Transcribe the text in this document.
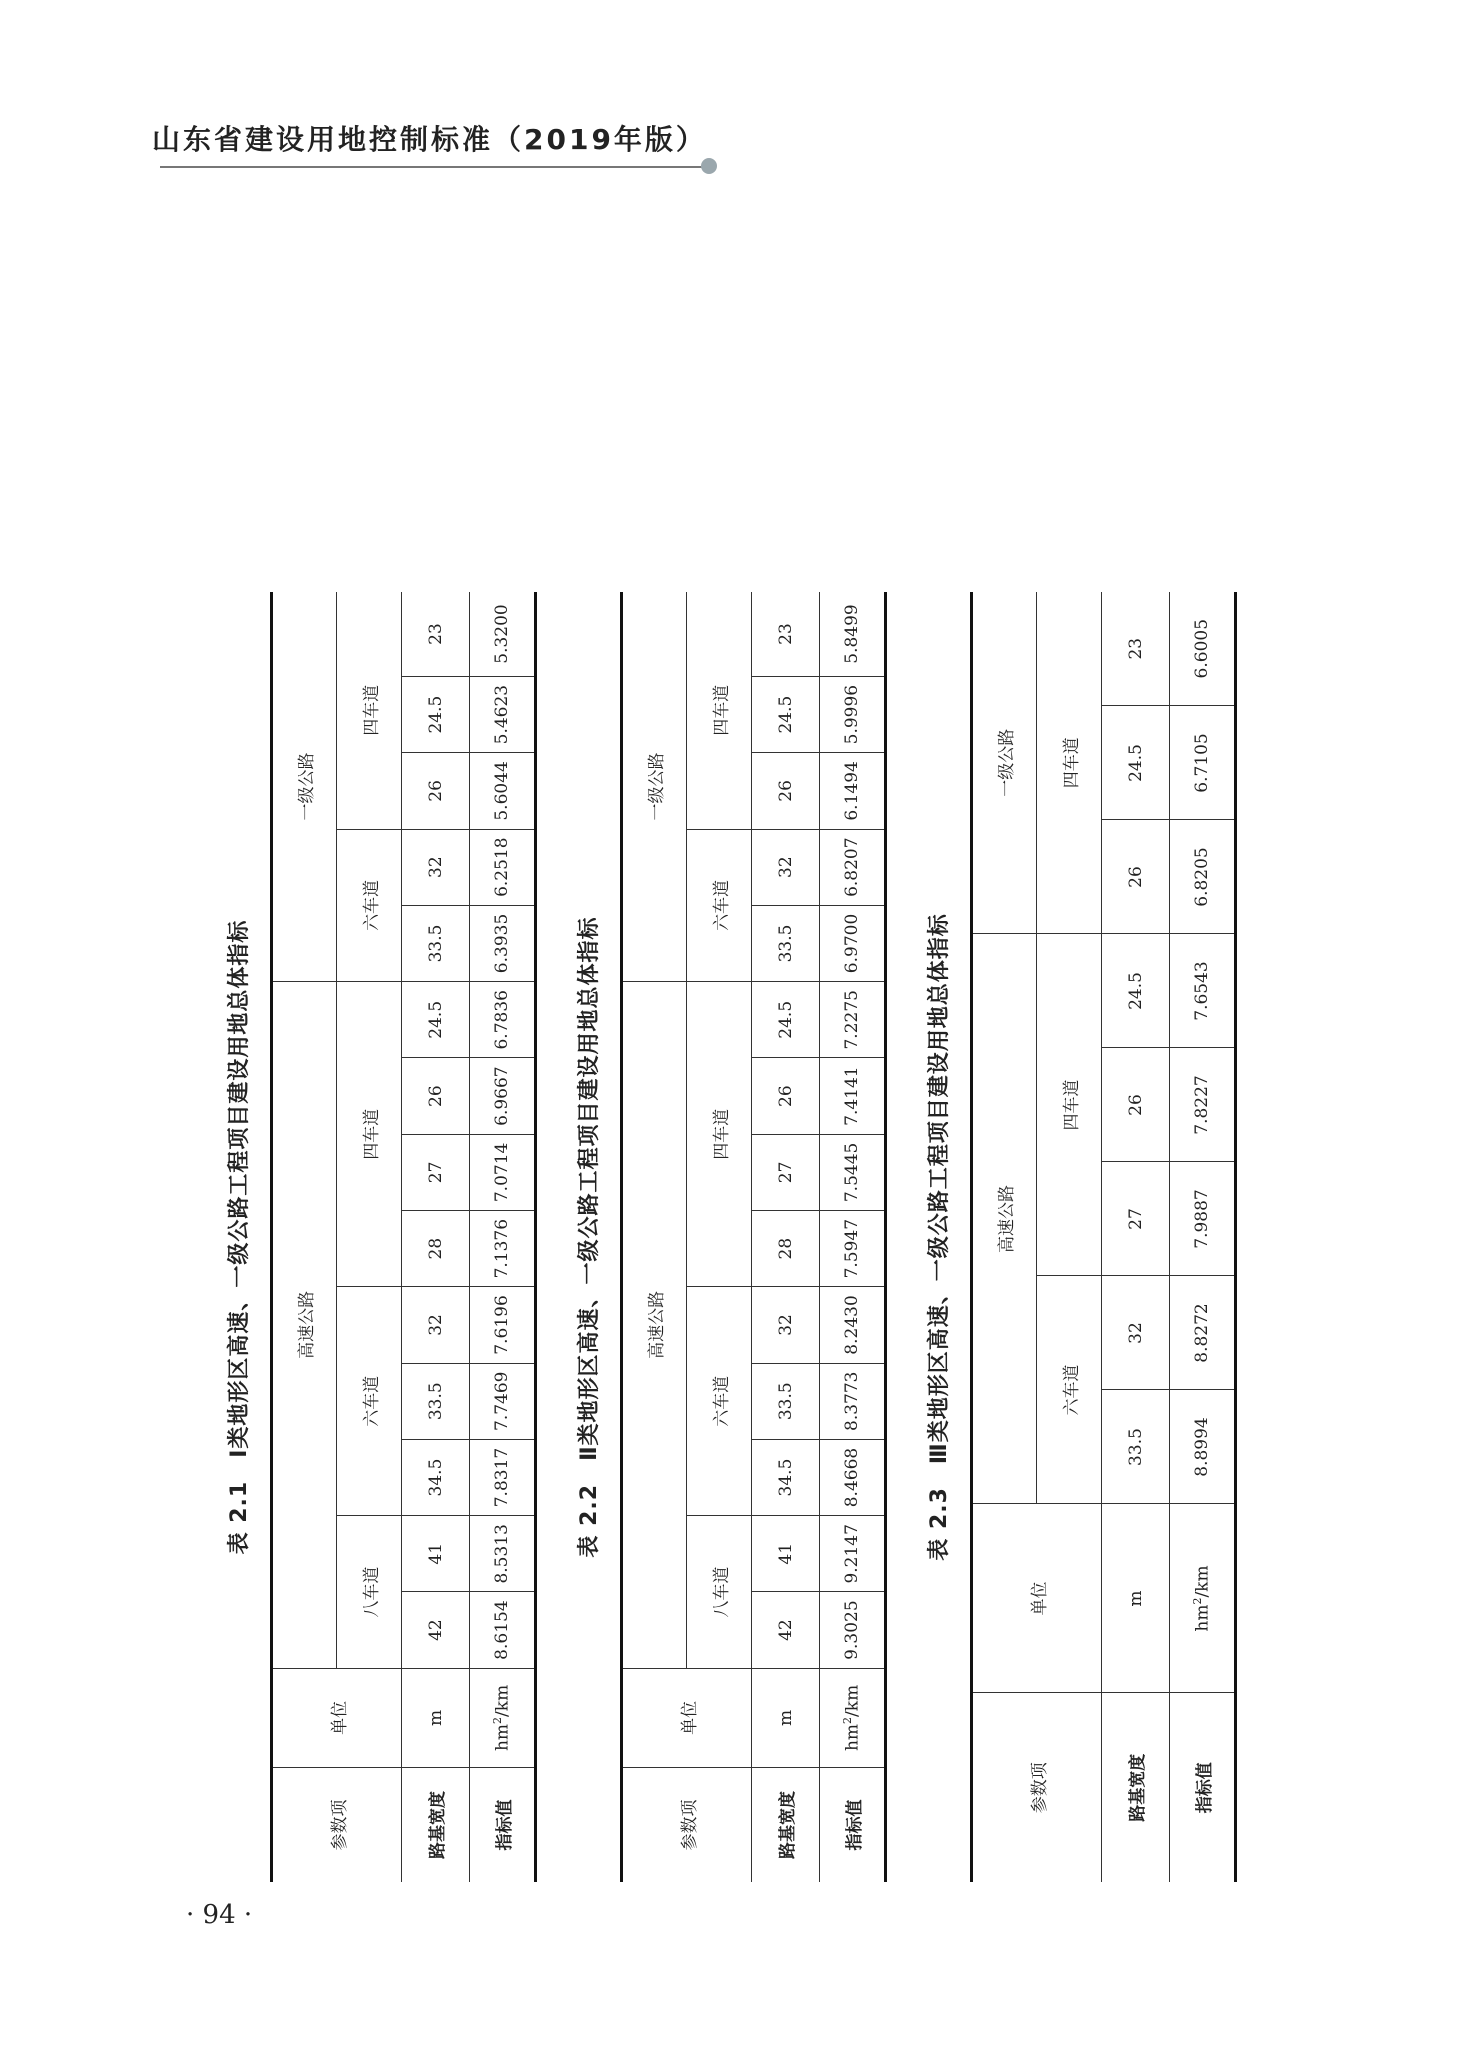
山东省建设用地控制标准（2019年版）
· 94 ·
表 2.1　Ⅰ类地形区高速、一级公路工程项目建设用地总体指标
参数项	单位	高速公路									一级公路				
		八车道		六车道			四车道				六车道		四车道		
路基宽度	m	42	41	34.5	33.5	32	28	27	26	24.5	33.5	32	26	24.5	23
指标值	$hm^2/km$	8.6154	8.5313	7.8317	7.7469	7.6196	7.1376	7.0714	6.9667	6.7836	6.3935	6.2518	5.6044	5.4623	5.3200
表 2.2　Ⅱ类地形区高速、一级公路工程项目建设用地总体指标
参数项	单位	高速公路									一级公路				
		八车道		六车道			四车道				六车道		四车道		
路基宽度	m	42	41	34.5	33.5	32	28	27	26	24.5	33.5	32	26	24.5	23
指标值	$hm^2/km$	9.3025	9.2147	8.4668	8.3773	8.2430	7.5947	7.5445	7.4141	7.2275	6.9700	6.8207	6.1494	5.9996	5.8499
表 2.3　Ⅲ类地形区高速、一级公路工程项目建设用地总体指标
参数项	单位	高速公路					一级公路		
		六车道		四车道			四车道		
路基宽度	m	33.5	32	27	26	24.5	26	24.5	23
指标值	$hm^2/km$	8.8994	8.8272	7.9887	7.8227	7.6543	6.8205	6.7105	6.6005
